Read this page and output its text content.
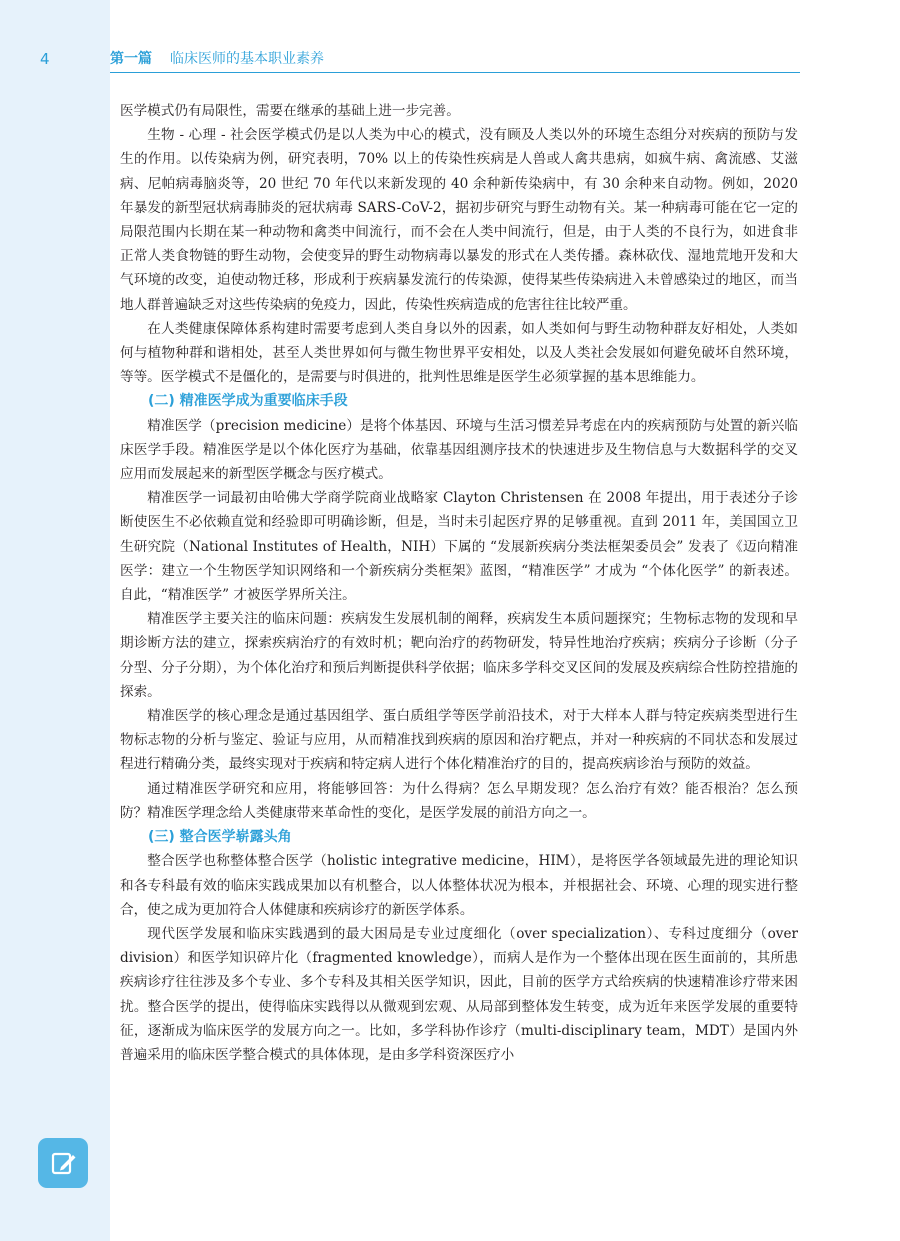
4	第一篇 临床医师的基本职业素养

医学模式仍有局限性，需要在继承的基础上进一步完善。

生物 - 心理 - 社会医学模式仍是以人类为中心的模式，没有顾及人类以外的环境生态组分对疾病的预防与发生的作用。以传染病为例，研究表明，70% 以上的传染性疾病是人兽或人禽共患病，如疯牛病、禽流感、艾滋病、尼帕病毒脑炎等，20 世纪 70 年代以来新发现的 40 余种新传染病中，有 30 余种来自动物。例如，2020 年暴发的新型冠状病毒肺炎的冠状病毒 SARS-CoV-2，据初步研究与野生动物有关。某一种病毒可能在它一定的局限范围内长期在某一种动物和禽类中间流行，而不会在人类中间流行，但是，由于人类的不良行为，如进食非正常人类食物链的野生动物，会使变异的野生动物病毒以暴发的形式在人类传播。森林砍伐、湿地荒地开发和大气环境的改变，迫使动物迁移，形成利于疾病暴发流行的传染源，使得某些传染病进入未曾感染过的地区，而当地人群普遍缺乏对这些传染病的免疫力，因此，传染性疾病造成的危害往往比较严重。

在人类健康保障体系构建时需要考虑到人类自身以外的因素，如人类如何与野生动物种群友好相处，人类如何与植物种群和谐相处，甚至人类世界如何与微生物世界平安相处，以及人类社会发展如何避免破坏自然环境，等等。医学模式不是僵化的，是需要与时俱进的，批判性思维是医学生必须掌握的基本思维能力。

(二) 精准医学成为重要临床手段

精准医学（precision medicine）是将个体基因、环境与生活习惯差异考虑在内的疾病预防与处置的新兴临床医学手段。精准医学是以个体化医疗为基础，依靠基因组测序技术的快速进步及生物信息与大数据科学的交叉应用而发展起来的新型医学概念与医疗模式。

精准医学一词最初由哈佛大学商学院商业战略家 Clayton Christensen 在 2008 年提出，用于表述分子诊断使医生不必依赖直觉和经验即可明确诊断，但是，当时未引起医疗界的足够重视。直到 2011 年，美国国立卫生研究院（National Institutes of Health，NIH）下属的 “发展新疾病分类法框架委员会” 发表了《迈向精准医学：建立一个生物医学知识网络和一个新疾病分类框架》蓝图，“精准医学” 才成为 “个体化医学” 的新表述。自此，“精准医学” 才被医学界所关注。

精准医学主要关注的临床问题：疾病发生发展机制的阐释，疾病发生本质问题探究；生物标志物的发现和早期诊断方法的建立，探索疾病治疗的有效时机；靶向治疗的药物研发，特异性地治疗疾病；疾病分子诊断（分子分型、分子分期），为个体化治疗和预后判断提供科学依据；临床多学科交叉区间的发展及疾病综合性防控措施的探索。

精准医学的核心理念是通过基因组学、蛋白质组学等医学前沿技术，对于大样本人群与特定疾病类型进行生物标志物的分析与鉴定、验证与应用，从而精准找到疾病的原因和治疗靶点，并对一种疾病的不同状态和发展过程进行精确分类，最终实现对于疾病和特定病人进行个体化精准治疗的目的，提高疾病诊治与预防的效益。

通过精准医学研究和应用，将能够回答：为什么得病？怎么早期发现？怎么治疗有效？能否根治？怎么预防？精准医学理念给人类健康带来革命性的变化，是医学发展的前沿方向之一。

(三) 整合医学崭露头角

整合医学也称整体整合医学（holistic integrative medicine，HIM），是将医学各领域最先进的理论知识和各专科最有效的临床实践成果加以有机整合，以人体整体状况为根本，并根据社会、环境、心理的现实进行整合，使之成为更加符合人体健康和疾病诊疗的新医学体系。

现代医学发展和临床实践遇到的最大困局是专业过度细化（over specialization）、专科过度细分（over division）和医学知识碎片化（fragmented knowledge），而病人是作为一个整体出现在医生面前的，其所患疾病诊疗往往涉及多个专业、多个专科及其相关医学知识，因此，目前的医学方式给疾病的快速精准诊疗带来困扰。整合医学的提出，使得临床实践得以从微观到宏观、从局部到整体发生转变，成为近年来医学发展的重要特征，逐渐成为临床医学的发展方向之一。比如，多学科协作诊疗（multi-disciplinary team，MDT）是国内外普遍采用的临床医学整合模式的具体体现，是由多学科资深医疗小
